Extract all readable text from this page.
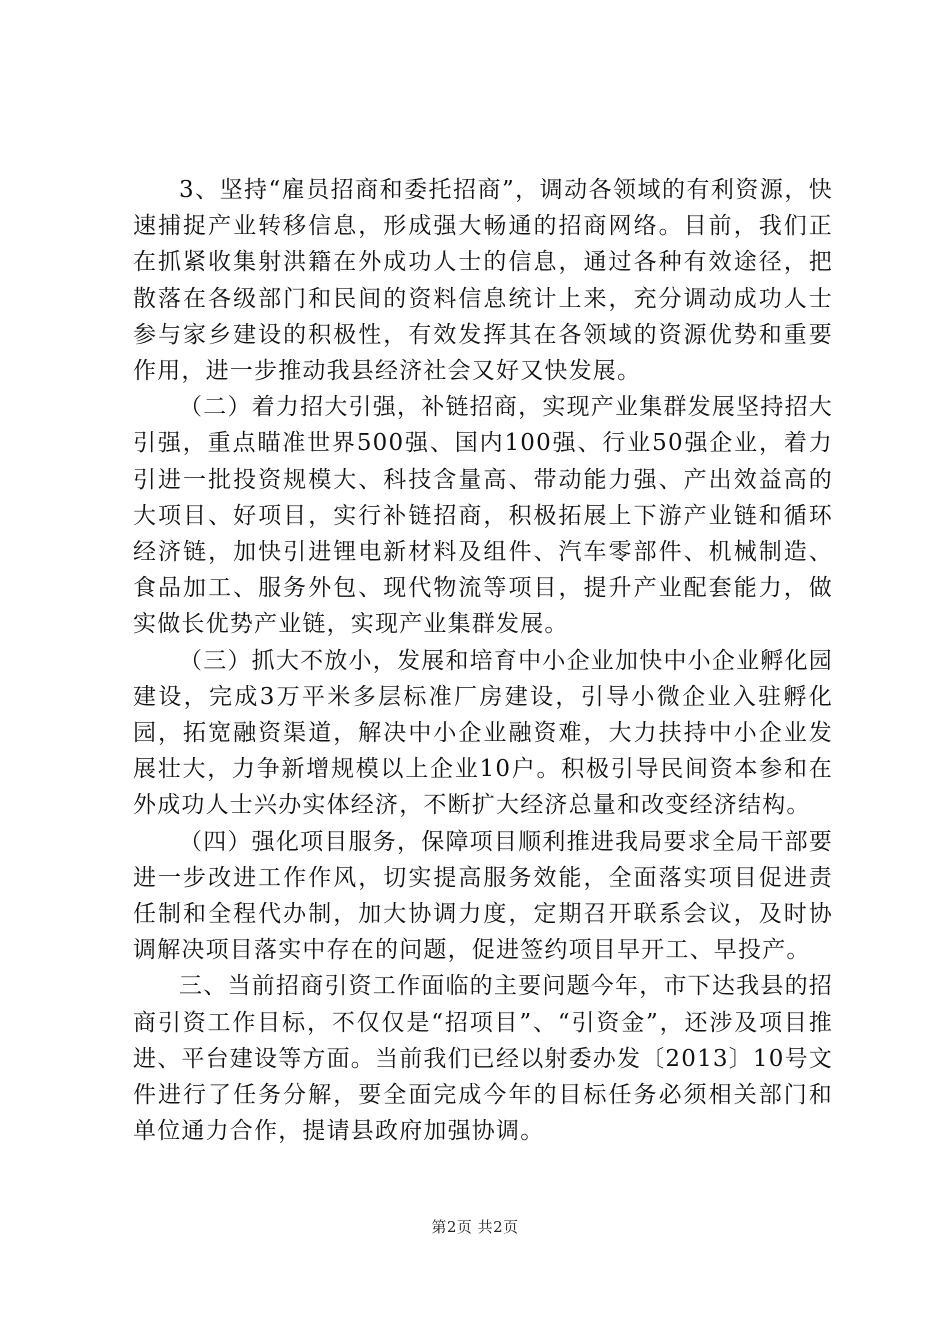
3、坚持“雇员招商和委托招商”，调动各领域的有利资源，快速捕捉产业转移信息，形成强大畅通的招商网络。目前，我们正在抓紧收集射洪籍在外成功人士的信息，通过各种有效途径，把散落在各级部门和民间的资料信息统计上来，充分调动成功人士参与家乡建设的积极性，有效发挥其在各领域的资源优势和重要作用，进一步推动我县经济社会又好又快发展。

（二）着力招大引强，补链招商，实现产业集群发展坚持招大引强，重点瞄准世界500强、国内100强、行业50强企业，着力引进一批投资规模大、科技含量高、带动能力强、产出效益高的大项目、好项目，实行补链招商，积极拓展上下游产业链和循环经济链，加快引进锂电新材料及组件、汽车零部件、机械制造、食品加工、服务外包、现代物流等项目，提升产业配套能力，做实做长优势产业链，实现产业集群发展。

（三）抓大不放小，发展和培育中小企业加快中小企业孵化园建设，完成3万平米多层标准厂房建设，引导小微企业入驻孵化园，拓宽融资渠道，解决中小企业融资难，大力扶持中小企业发展壮大，力争新增规模以上企业10户。积极引导民间资本参和在外成功人士兴办实体经济，不断扩大经济总量和改变经济结构。

（四）强化项目服务，保障项目顺利推进我局要求全局干部要进一步改进工作作风，切实提高服务效能，全面落实项目促进责任制和全程代办制，加大协调力度，定期召开联系会议，及时协调解决项目落实中存在的问题，促进签约项目早开工、早投产。

三、当前招商引资工作面临的主要问题今年，市下达我县的招商引资工作目标，不仅仅是“招项目”、“引资金”，还涉及项目推进、平台建设等方面。当前我们已经以射委办发〔2013〕10号文件进行了任务分解，要全面完成今年的目标任务必须相关部门和单位通力合作，提请县政府加强协调。

第2页 共2页
